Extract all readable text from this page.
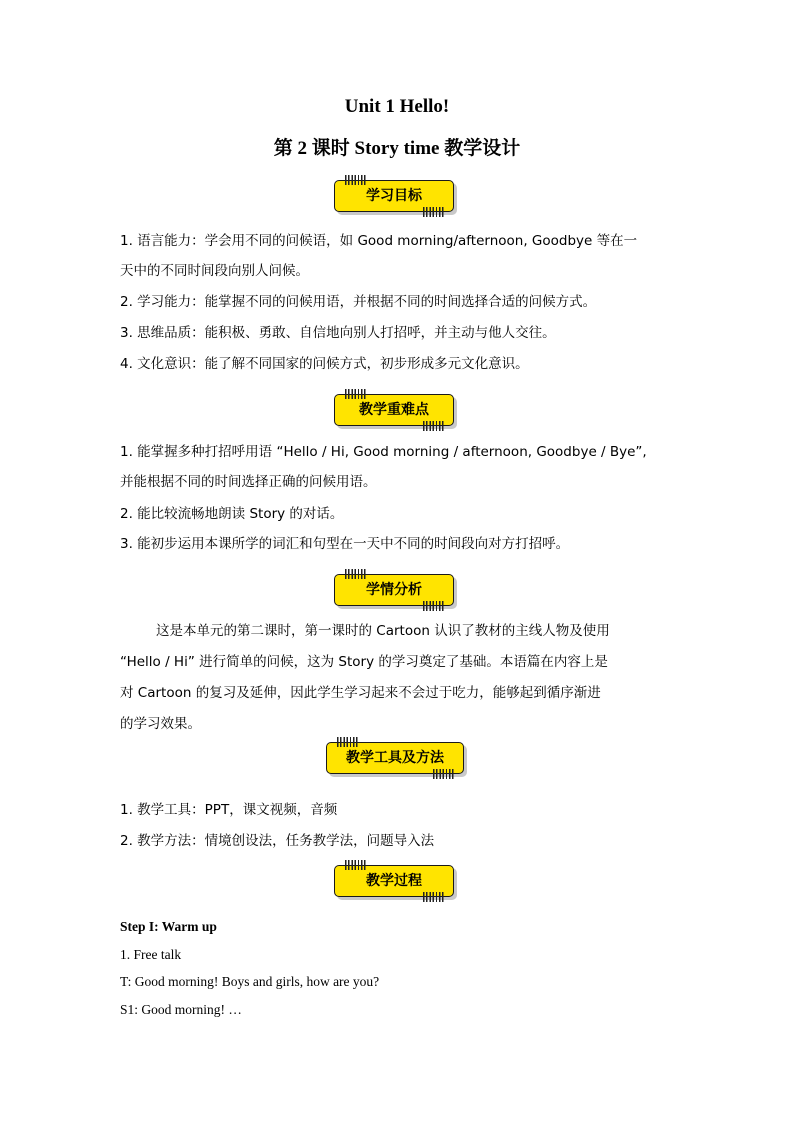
Unit 1 Hello!
第 2 课时 Story time 教学设计
学习目标
1. 语言能力：学会用不同的问候语，如 Good morning/afternoon, Goodbye 等在一
天中的不同时间段向别人问候。
2. 学习能力：能掌握不同的问候用语，并根据不同的时间选择合适的问候方式。
3. 思维品质：能积极、勇敢、自信地向别人打招呼，并主动与他人交往。
4. 文化意识：能了解不同国家的问候方式，初步形成多元文化意识。
教学重难点
1. 能掌握多种打招呼用语 “Hello / Hi, Good morning / afternoon, Goodbye / Bye”,
并能根据不同的时间选择正确的问候用语。
2. 能比较流畅地朗读 Story 的对话。
3. 能初步运用本课所学的词汇和句型在一天中不同的时间段向对方打招呼。
学情分析
这是本单元的第二课时，第一课时的 Cartoon 认识了教材的主线人物及使用
“Hello / Hi” 进行简单的问候，这为 Story 的学习奠定了基础。本语篇在内容上是
对 Cartoon 的复习及延伸，因此学生学习起来不会过于吃力，能够起到循序渐进
的学习效果。
教学工具及方法
1. 教学工具：PPT，课文视频，音频
2. 教学方法：情境创设法，任务教学法，问题导入法
教学过程
Step I: Warm up
1. Free talk
T: Good morning! Boys and girls, how are you?
S1: Good morning! …
